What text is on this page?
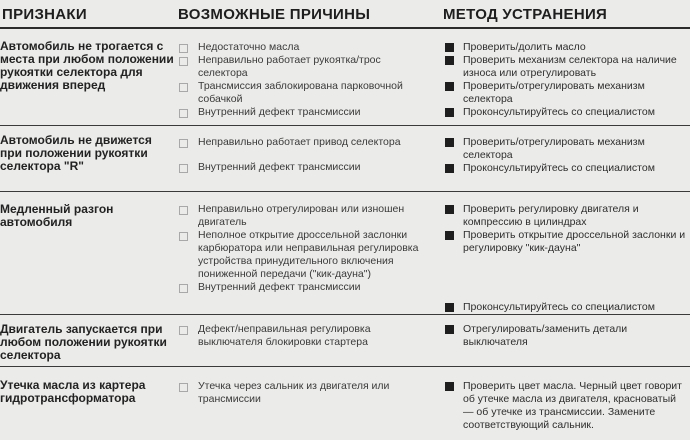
ПРИЗНАКИ	ВОЗМОЖНЫЕ ПРИЧИНЫ	МЕТОД УСТРАНЕНИЯ
Автомобиль не трогается с места при любом положении рукоятки селектора для движения вперед

Недостаточно масла

Неправильно работает рукоятка/трос селектора

Трансмиссия заблокирована парковочной собачкой

Внутренний дефект трансмиссии

Проверить/долить масло

Проверить механизм селектора на наличие износа или отрегулировать

Проверить/отрегулировать механизм селектора

Проконсультируйтесь со специалистом

Автомобиль не движется при положении рукоятки селектора "R"

Неправильно работает привод селектора

Внутренний дефект трансмиссии

Проверить/отрегулировать механизм селектора

Проконсультируйтесь со специалистом

Медленный разгон автомобиля

Неправильно отрегулирован или изношен двигатель

Неполное открытие дроссельной заслонки карбюратора или неправильная регулировка устройства принудительного включения пониженной передачи ("кик-дауна")

Внутренний дефект трансмиссии

Проверить регулировку двигателя и компрессию в цилиндрах

Проверить открытие дроссельной заслонки и регулировку "кик-дауна"

Проконсультируйтесь со специалистом

Двигатель запускается при любом положении рукоятки селектора

Дефект/неправильная регулировка выключателя блокировки стартера

Отрегулировать/заменить детали выключателя

Утечка масла из картера гидротрансформатора

Утечка через сальник из двигателя или трансмиссии

Проверить цвет масла. Черный цвет говорит об утечке масла из двигателя, красноватый — об утечке из трансмиссии. Замените соответствующий сальник.
